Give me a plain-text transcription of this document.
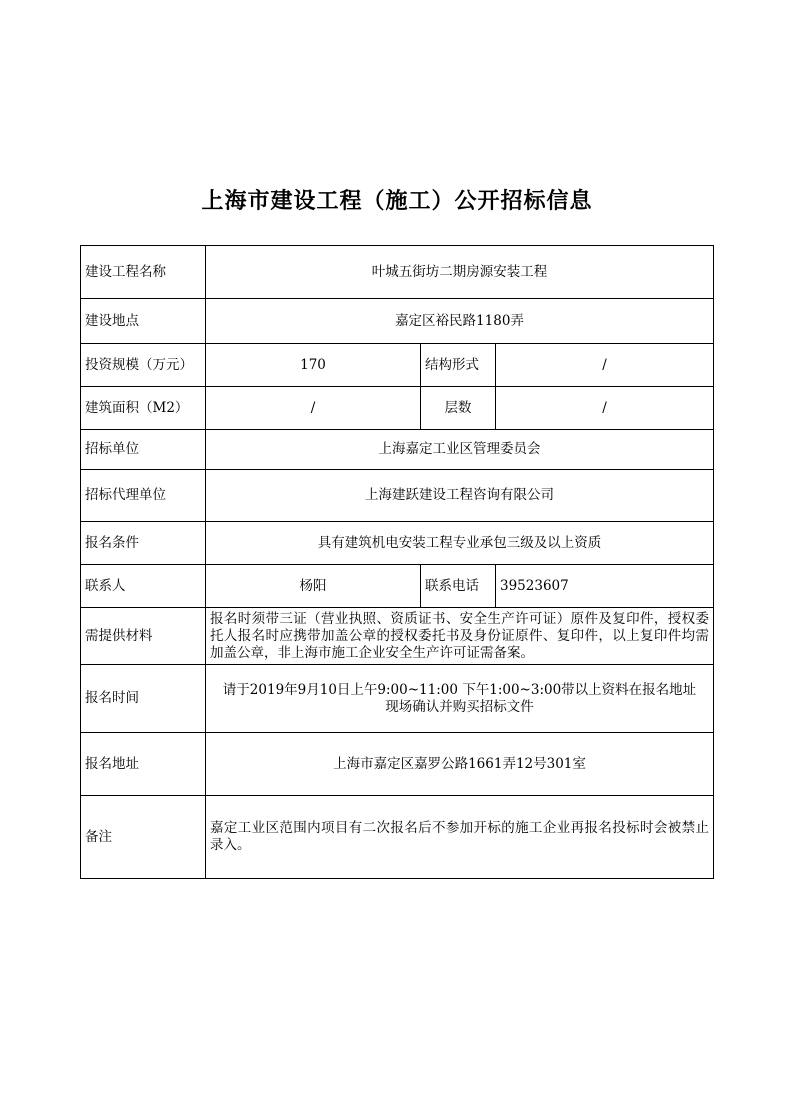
上海市建设工程（施工）公开招标信息
建设工程名称	叶城五街坊二期房源安装工程		
建设地点	嘉定区裕民路1180弄		
投资规模（万元）	170	结构形式	/
建筑面积（M2）	/	层数	/
招标单位	上海嘉定工业区管理委员会		
招标代理单位	上海建跃建设工程咨询有限公司		
报名条件	具有建筑机电安装工程专业承包三级及以上资质		
联系人	杨阳	联系电话	39523607
需提供材料	报名时须带三证（营业执照、资质证书、安全生产许可证）原件及复印件，授权委托人报名时应携带加盖公章的授权委托书及身份证原件、复印件，以上复印件均需加盖公章，非上海市施工企业安全生产许可证需备案。		
报名时间	请于2019年9月10日上午9:00~11:00 下午1:00~3:00带以上资料在报名地址现场确认并购买招标文件		
报名地址	上海市嘉定区嘉罗公路1661弄12号301室		
备注	嘉定工业区范围内项目有二次报名后不参加开标的施工企业再报名投标时会被禁止录入。		
